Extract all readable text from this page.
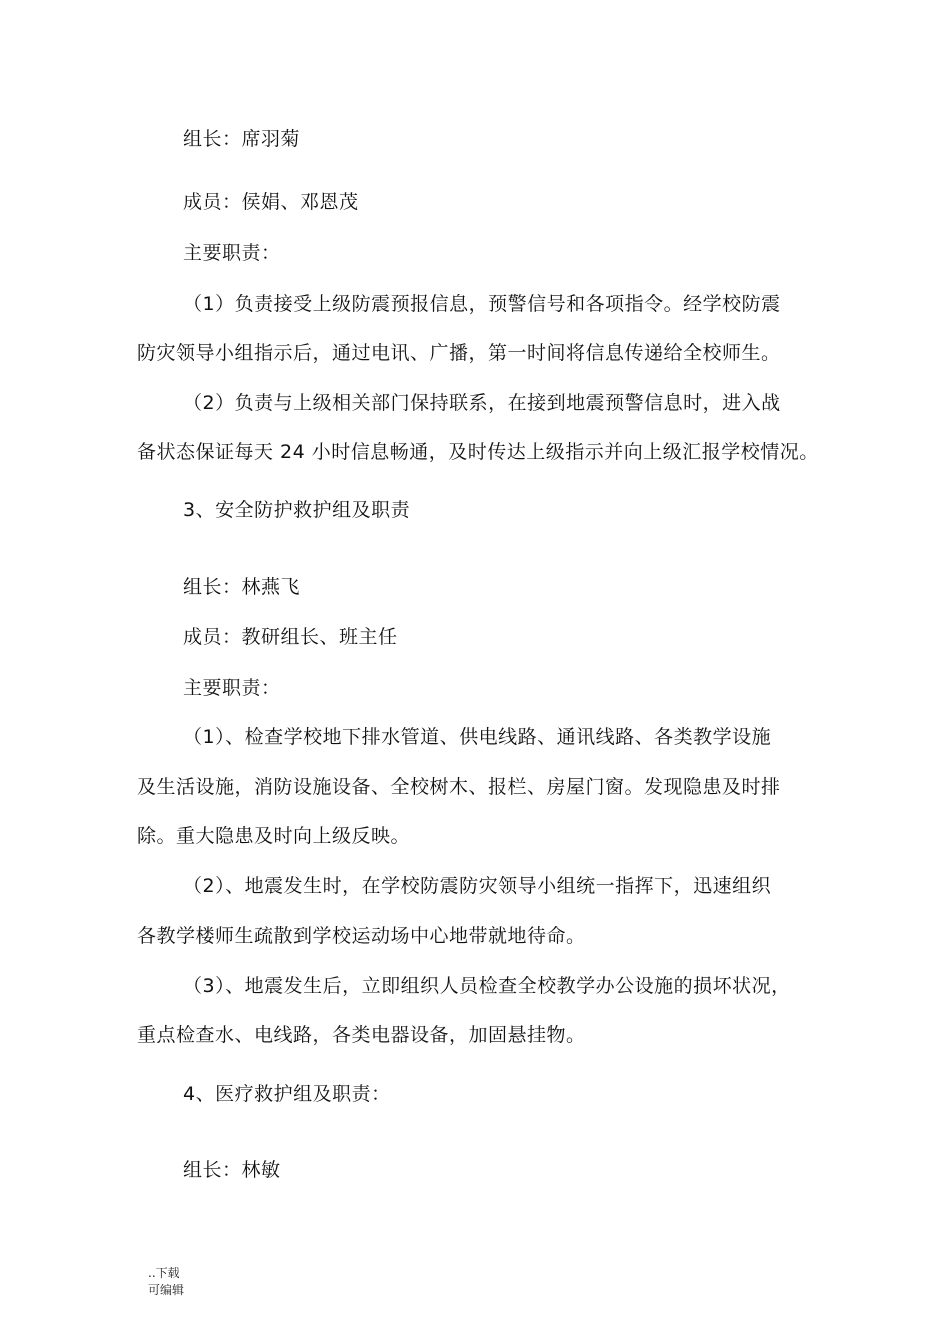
组长：席羽菊
成员：侯娟、邓恩茂
主要职责：
（1）负责接受上级防震预报信息，预警信号和各项指令。经学校防震
防灾领导小组指示后，通过电讯、广播，第一时间将信息传递给全校师生。
（2）负责与上级相关部门保持联系，在接到地震预警信息时，进入战
备状态保证每天 24 小时信息畅通，及时传达上级指示并向上级汇报学校情况。
3、安全防护救护组及职责
组长：林燕飞
成员：教研组长、班主任
主要职责：
（1）、检查学校地下排水管道、供电线路、通讯线路、各类教学设施
及生活设施，消防设施设备、全校树木、报栏、房屋门窗。发现隐患及时排
除。重大隐患及时向上级反映。
（2）、地震发生时，在学校防震防灾领导小组统一指挥下，迅速组织
各教学楼师生疏散到学校运动场中心地带就地待命。
（3）、地震发生后，立即组织人员检查全校教学办公设施的损坏状况，
重点检查水、电线路，各类电器设备，加固悬挂物。
4、医疗救护组及职责：
组长：林敏
..下载
可编辑
